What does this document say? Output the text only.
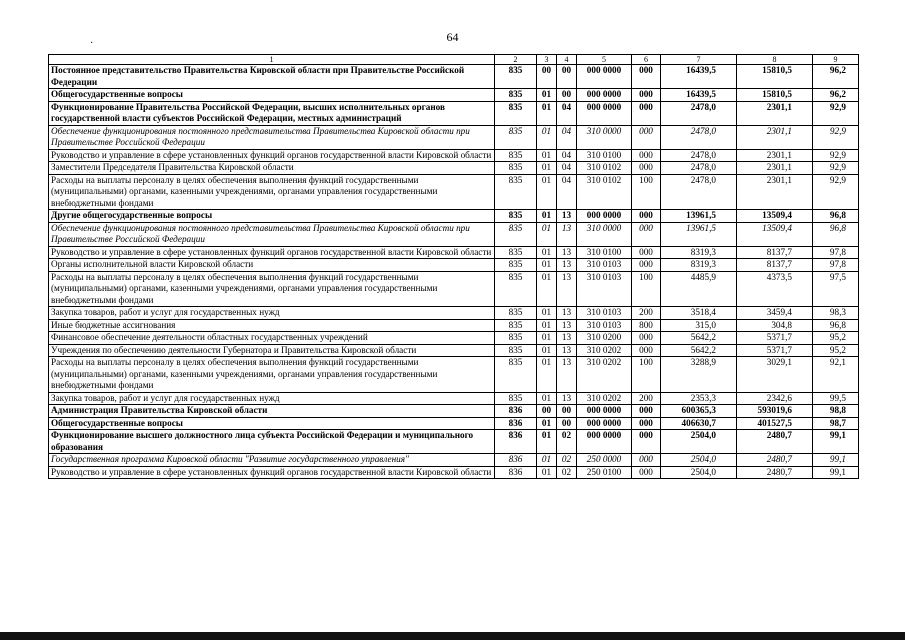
64
·
1	2	3	4	5	6	7	8	9
Постоянное представительство Правительства Кировской области при Правительстве Российской Федерации	835	00	00	000 0000	000	16439,5	15810,5	96,2
Общегосударственные вопросы	835	01	00	000 0000	000	16439,5	15810,5	96,2
Функционирование Правительства Российской Федерации, высших исполнительных органов государственной власти субъектов Российской Федерации, местных администраций	835	01	04	000 0000	000	2478,0	2301,1	92,9
Обеспечение функционирования постоянного представительства Правительства Кировской области при Правительстве Российской Федерации	835	01	04	310 0000	000	2478,0	2301,1	92,9
Руководство и управление в сфере установленных функций органов государственной власти Кировской области	835	01	04	310 0100	000	2478,0	2301,1	92,9
Заместители Председателя Правительства Кировской области	835	01	04	310 0102	000	2478,0	2301,1	92,9
Расходы на выплаты персоналу в целях обеспечения выполнения функций государственными (муниципальными) органами, казенными учреждениями, органами управления государственными внебюджетными фондами	835	01	04	310 0102	100	2478,0	2301,1	92,9
Другие общегосударственные вопросы	835	01	13	000 0000	000	13961,5	13509,4	96,8
Обеспечение функционирования постоянного представительства Правительства Кировской области при Правительстве Российской Федерации	835	01	13	310 0000	000	13961,5	13509,4	96,8
Руководство и управление в сфере установленных функций органов государственной власти Кировской области	835	01	13	310 0100	000	8319,3	8137,7	97,8
Органы исполнительной власти Кировской области	835	01	13	310 0103	000	8319,3	8137,7	97,8
Расходы на выплаты персоналу в целях обеспечения выполнения функций государственными (муниципальными) органами, казенными учреждениями, органами управления государственными внебюджетными фондами	835	01	13	310 0103	100	4485,9	4373,5	97,5
Закупка товаров, работ и услуг для государственных нужд	835	01	13	310 0103	200	3518,4	3459,4	98,3
Иные бюджетные ассигнования	835	01	13	310 0103	800	315,0	304,8	96,8
Финансовое обеспечение деятельности областных государственных учреждений	835	01	13	310 0200	000	5642,2	5371,7	95,2
Учреждения по обеспечению деятельности Губернатора и Правительства Кировской области	835	01	13	310 0202	000	5642,2	5371,7	95,2
Расходы на выплаты персоналу в целях обеспечения выполнения функций государственными (муниципальными) органами, казенными учреждениями, органами управления государственными внебюджетными фондами	835	01	13	310 0202	100	3288,9	3029,1	92,1
Закупка товаров, работ и услуг для государственных нужд	835	01	13	310 0202	200	2353,3	2342,6	99,5
Администрация Правительства Кировской области	836	00	00	000 0000	000	600365,3	593019,6	98,8
Общегосударственные вопросы	836	01	00	000 0000	000	406630,7	401527,5	98,7
Функционирование высшего должностного лица субъекта Российской Федерации и муниципального образования	836	01	02	000 0000	000	2504,0	2480,7	99,1
Государственная программа Кировской области "Развитие государственного управления"	836	01	02	250 0000	000	2504,0	2480,7	99,1
Руководство и управление в сфере установленных функций органов государственной власти Кировской области	836	01	02	250 0100	000	2504,0	2480,7	99,1
